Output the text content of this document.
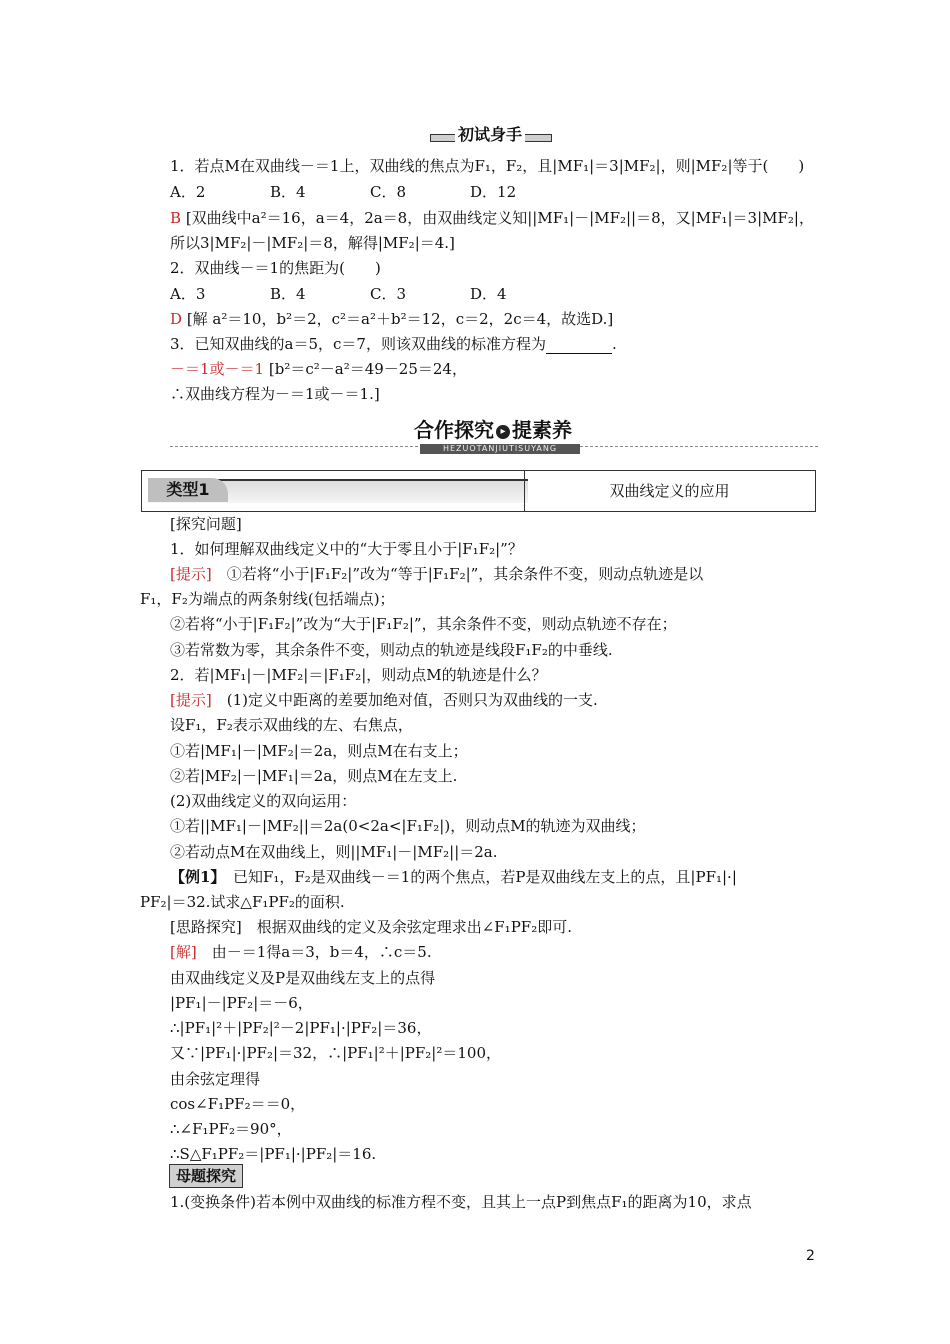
初试身手
1．若点M在双曲线－＝1上，双曲线的焦点为F₁，F₂，且|MF₁|＝3|MF₂|，则|MF₂|等于(　　)
A．2	B．4	C．8	D．12
B [双曲线中a²＝16，a＝4，2a＝8，由双曲线定义知||MF₁|－|MF₂||＝8，又|MF₁|＝3|MF₂|，
所以3|MF₂|－|MF₂|＝8，解得|MF₂|＝4.]
2．双曲线－＝1的焦距为(　　)
A．3	B．4	C．3	D．4
D [解 a²＝10，b²＝2，c²＝a²＋b²＝12，c＝2，2c＝4，故选D.]
3．已知双曲线的a＝5，c＝7，则该双曲线的标准方程为	.
－＝1或－＝1 [b²＝c²－a²＝49－25＝24，
∴双曲线方程为－＝1或－＝1.]
合作探究 ▸ 提素养
HEZUOTANJIUTISUYANG
类型1	双曲线定义的应用
[探究问题]
1．如何理解双曲线定义中的“大于零且小于|F₁F₂|”？
[提示]　 ①若将“小于|F₁F₂|”改为“等于|F₁F₂|”，其余条件不变，则动点轨迹是以
F₁，F₂为端点的两条射线(包括端点)；
②若将“小于|F₁F₂|”改为“大于|F₁F₂|”，其余条件不变，则动点轨迹不存在；
③若常数为零，其余条件不变，则动点的轨迹是线段F₁F₂的中垂线.
2．若|MF₁|－|MF₂|＝|F₁F₂|，则动点M的轨迹是什么？
[提示]　 (1)定义中距离的差要加绝对值，否则只为双曲线的一支.
设F₁，F₂表示双曲线的左、右焦点，
①若|MF₁|－|MF₂|＝2a，则点M在右支上；
②若|MF₂|－|MF₁|＝2a，则点M在左支上.
(2)双曲线定义的双向运用：
①若||MF₁|－|MF₂||＝2a(0<2a<|F₁F₂|)，则动点M的轨迹为双曲线；
②若动点M在双曲线上，则||MF₁|－|MF₂||＝2a.
【例1】　 已知F₁，F₂是双曲线－＝1的两个焦点，若P是双曲线左支上的点，且|PF₁|·|
PF₂|＝32.试求△F₁PF₂的面积.
[思路探究]　根据双曲线的定义及余弦定理求出∠F₁PF₂即可.
[解]　 由－＝1得a＝3，b＝4，∴c＝5.
由双曲线定义及P是双曲线左支上的点得
|PF₁|－|PF₂|＝－6，
∴|PF₁|²＋|PF₂|²－2|PF₁|·|PF₂|＝36，
又∵|PF₁|·|PF₂|＝32，∴|PF₁|²＋|PF₂|²＝100，
由余弦定理得
cos∠F₁PF₂＝＝0，
∴∠F₁PF₂＝90°，
∴S△F₁PF₂＝|PF₁|·|PF₂|＝16.
母题探究
1.(变换条件)若本例中双曲线的标准方程不变，且其上一点P到焦点F₁的距离为10，求点
2
